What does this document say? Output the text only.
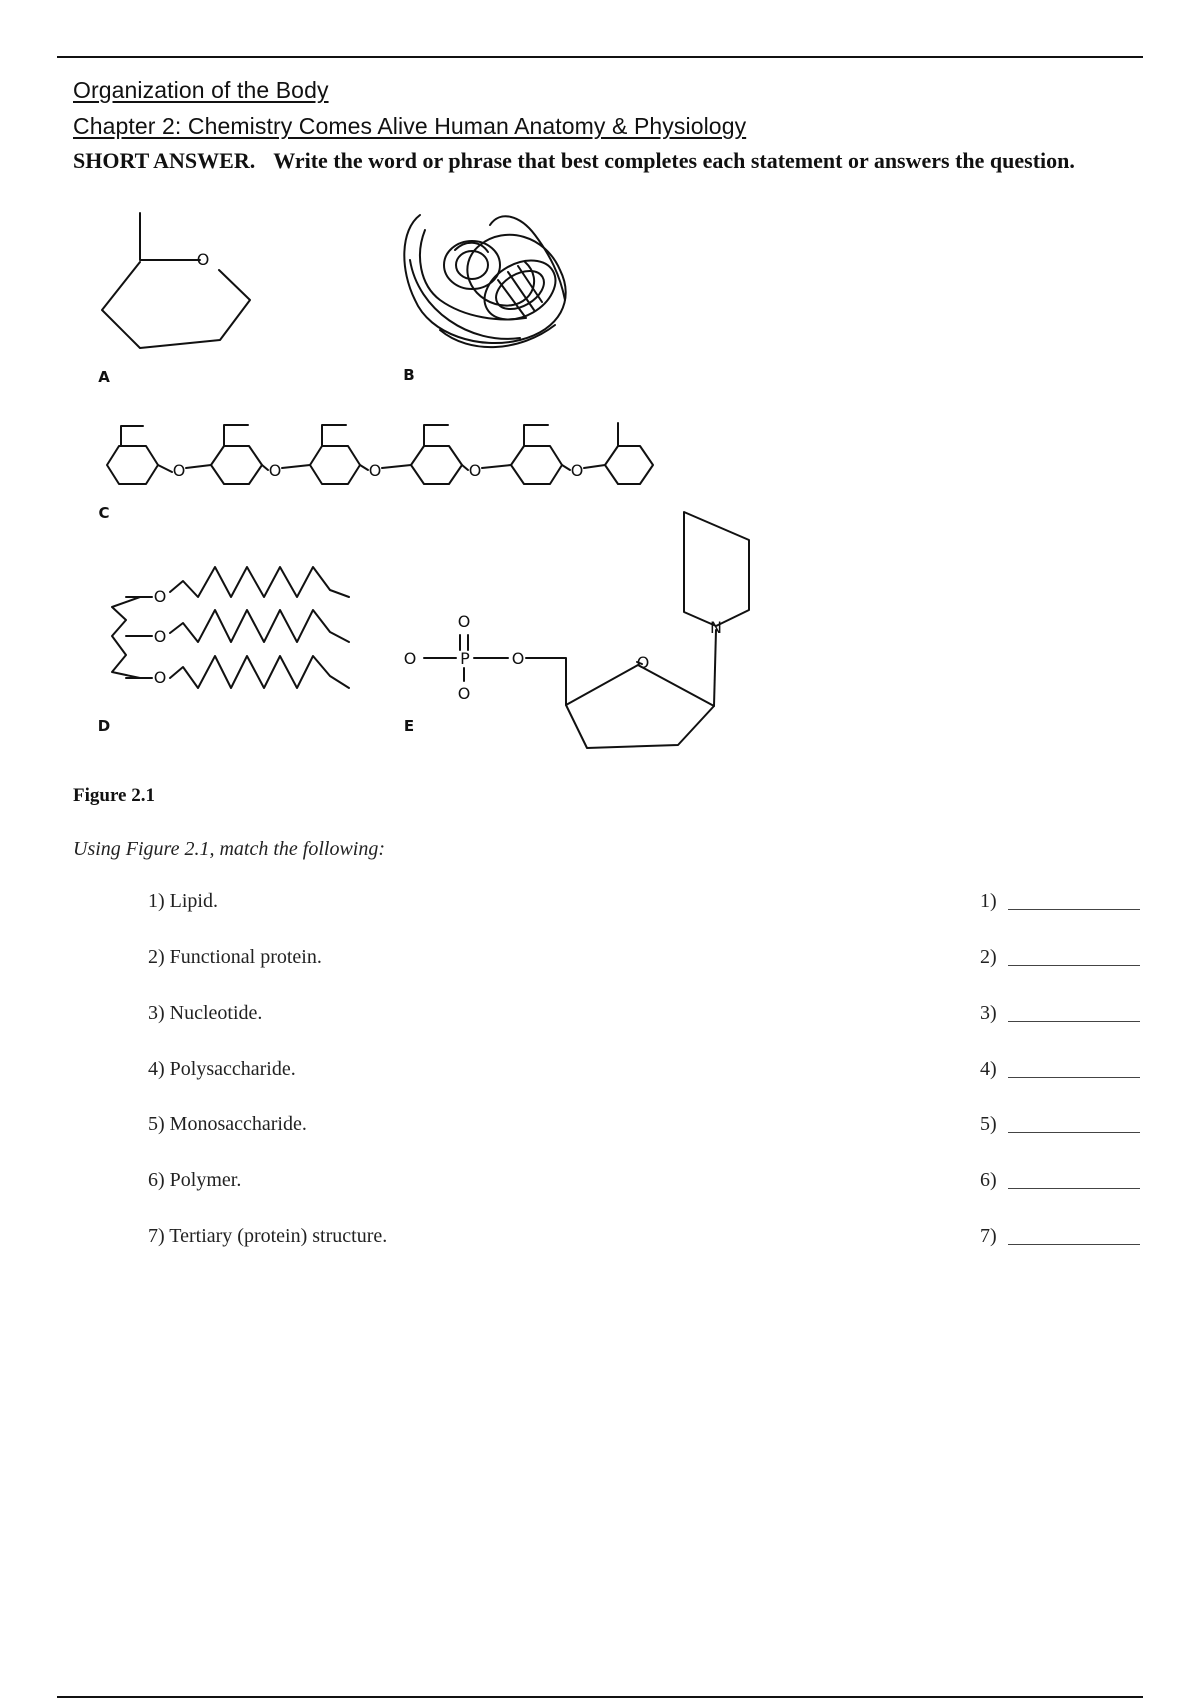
Organization of the Body
Chapter 2: Chemistry Comes Alive Human Anatomy & Physiology
SHORT ANSWER. Write the word or phrase that best completes each statement or answers the question.
O
O	O	O	O	O
O
O
O
O
O	P	O
O
O
N
A	B
C
D	E
Figure 2.1
Using Figure 2.1, match the following:
1) Lipid.	1)
2) Functional protein.	2)
3) Nucleotide.	3)
4) Polysaccharide.	4)
5) Monosaccharide.	5)
6) Polymer.	6)
7) Tertiary (protein) structure.	7)
